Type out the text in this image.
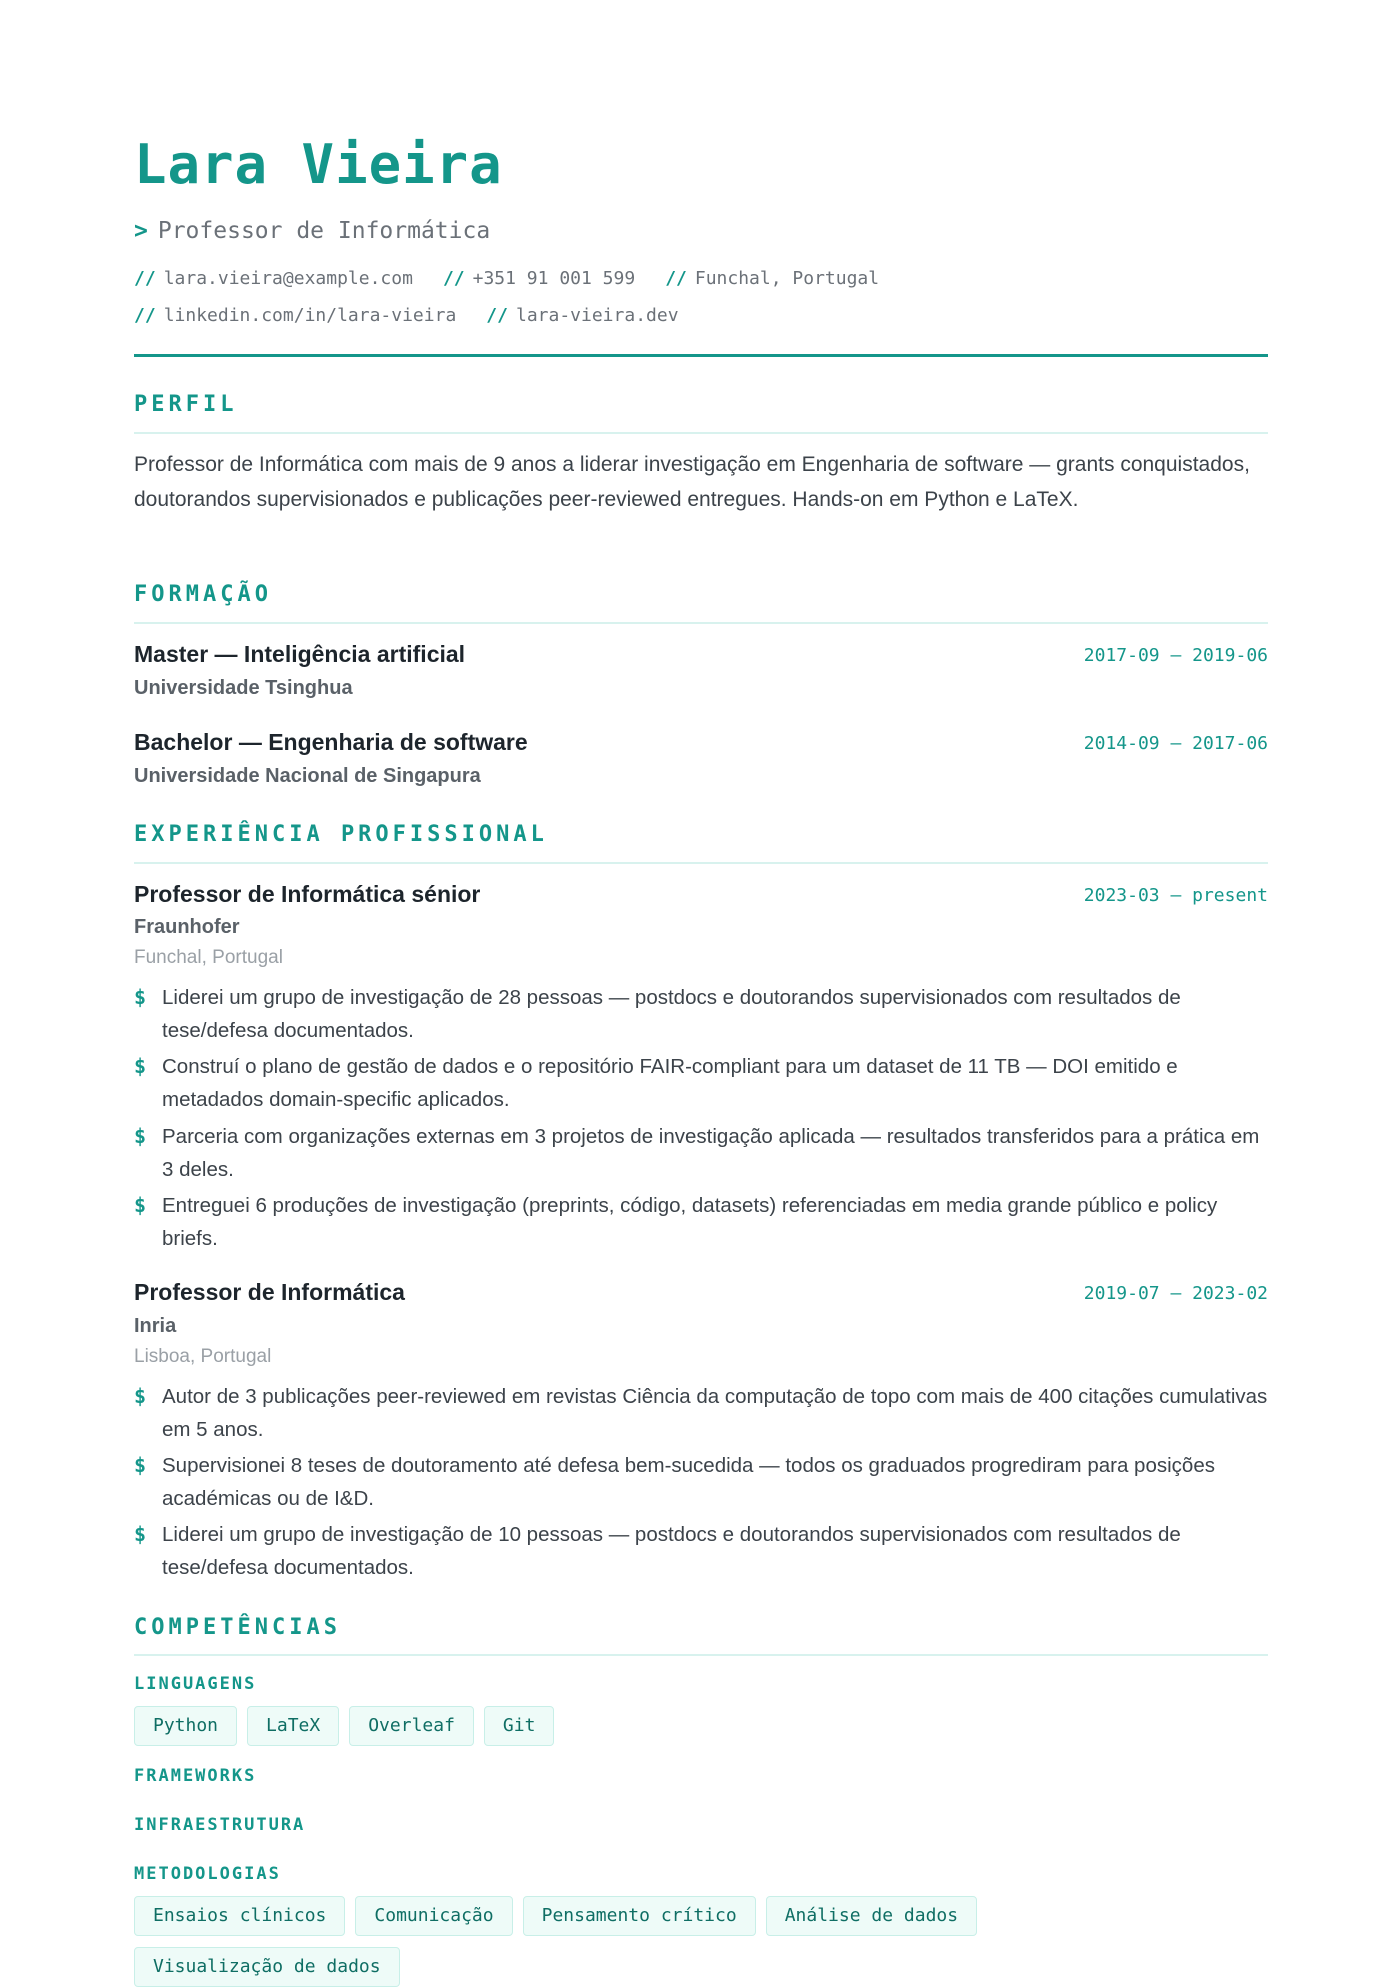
Lara Vieira
> Professor de Informática
// lara.vieira@example.com // +351 91 001 599 // Funchal, Portugal
// linkedin.com/in/lara-vieira // lara-vieira.dev
PERFIL

Professor de Informática com mais de 9 anos a liderar investigação em Engenharia de software — grants conquistados, doutorandos supervisionados e publicações peer-reviewed entregues. Hands-on em Python e LaTeX.

FORMAÇÃO
Master — Inteligência artificial	2017-09 – 2019-06
Universidade Tsinghua
Bachelor — Engenharia de software	2014-09 – 2017-06
Universidade Nacional de Singapura
EXPERIÊNCIA PROFISSIONAL
Professor de Informática sénior	2023-03 – present
Fraunhofer
Funchal, Portugal
$ Liderei um grupo de investigação de 28 pessoas — postdocs e doutorandos supervisionados com resultados de tese/defesa documentados.
$ Construí o plano de gestão de dados e o repositório FAIR-compliant para um dataset de 11 TB — DOI emitido e metadados domain-specific aplicados.
$ Parceria com organizações externas em 3 projetos de investigação aplicada — resultados transferidos para a prática em 3 deles.
$ Entreguei 6 produções de investigação (preprints, código, datasets) referenciadas em media grande público e policy briefs.
Professor de Informática	2019-07 – 2023-02
Inria
Lisboa, Portugal
$ Autor de 3 publicações peer-reviewed em revistas Ciência da computação de topo com mais de 400 citações cumulativas em 5 anos.
$ Supervisionei 8 teses de doutoramento até defesa bem-sucedida — todos os graduados progrediram para posições académicas ou de I&D.
$ Liderei um grupo de investigação de 10 pessoas — postdocs e doutorandos supervisionados com resultados de tese/defesa documentados.
COMPETÊNCIAS
LINGUAGENS
Python	LaTeX	Overleaf	Git
FRAMEWORKS
INFRAESTRUTURA
METODOLOGIAS
Ensaios clínicos	Comunicação	Pensamento crítico	Análise de dados
Visualização de dados
